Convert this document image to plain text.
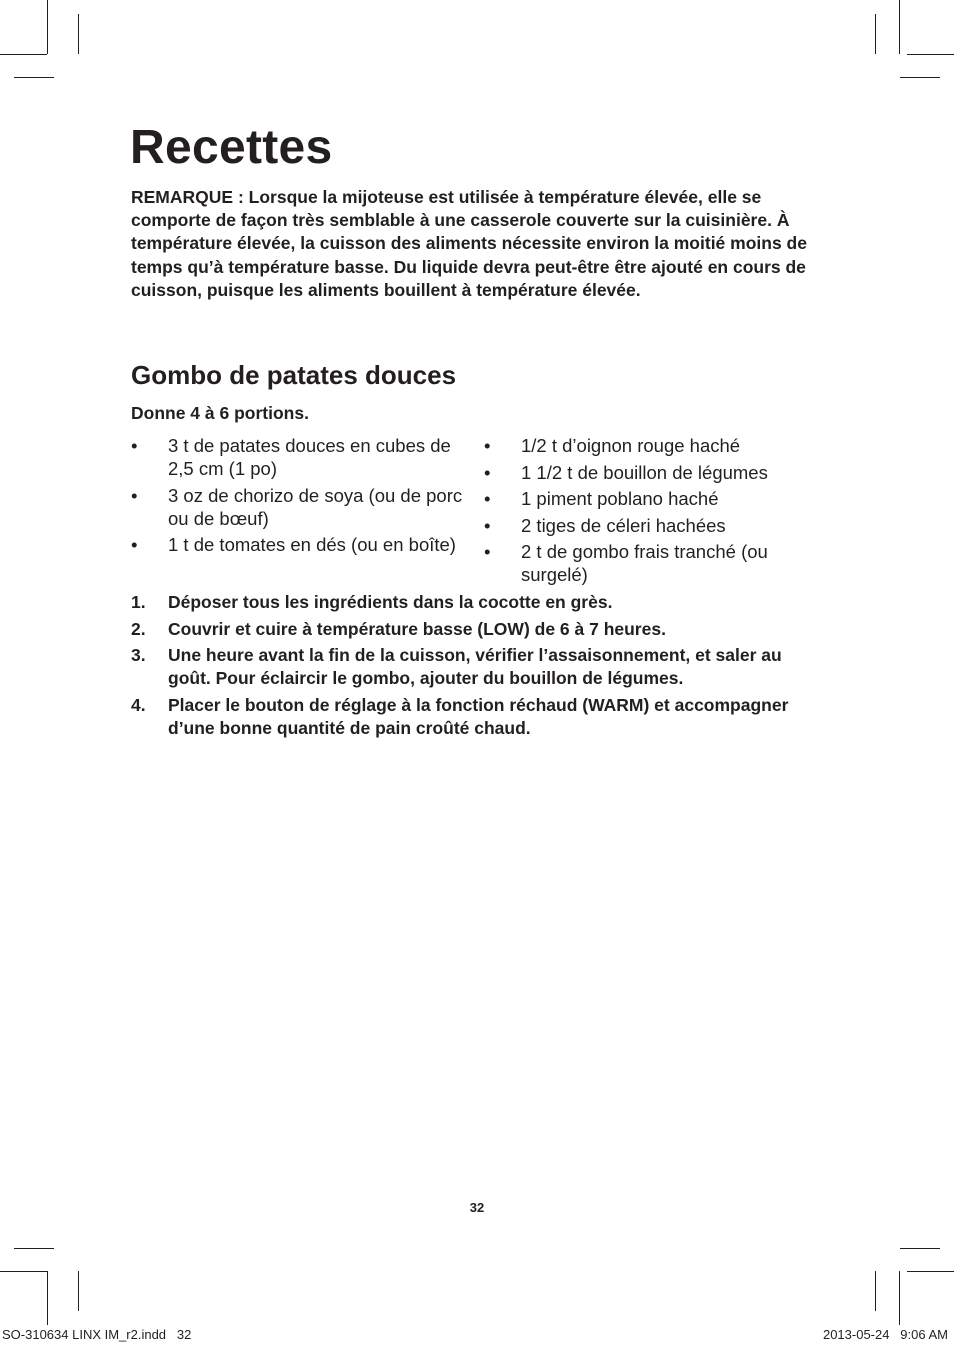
Recettes

REMARQUE : Lorsque la mijoteuse est utilisée à température élevée, elle se comporte de façon très semblable à une casserole couverte sur la cuisinière. À température élevée, la cuisson des aliments nécessite environ la moitié moins de temps qu’à température basse. Du liquide devra peut-être être ajouté en cours de cuisson, puisque les aliments bouillent à température élevée.

Gombo de patates douces

Donne 4 à 6 portions.

• 3 t de patates douces en cubes de 2,5 cm (1 po)
• 3 oz de chorizo de soya (ou de porc ou de bœuf)
• 1 t de tomates en dés (ou en boîte)
• 1/2 t d’oignon rouge haché
• 1 1/2 t de bouillon de légumes
• 1 piment poblano haché
• 2 tiges de céleri hachées
• 2 t de gombo frais tranché (ou surgelé)
1. Déposer tous les ingrédients dans la cocotte en grès.
2. Couvrir et cuire à température basse (LOW) de 6 à 7 heures.
3. Une heure avant la fin de la cuisson, vérifier l’assaisonnement, et saler au goût. Pour éclaircir le gombo, ajouter du bouillon de légumes.
4. Placer le bouton de réglage à la fonction réchaud (WARM) et accompagner d’une bonne quantité de pain croûté chaud.
32
SO-310634 LINX IM_r2.indd   32	2013-05-24   9:06 AM
